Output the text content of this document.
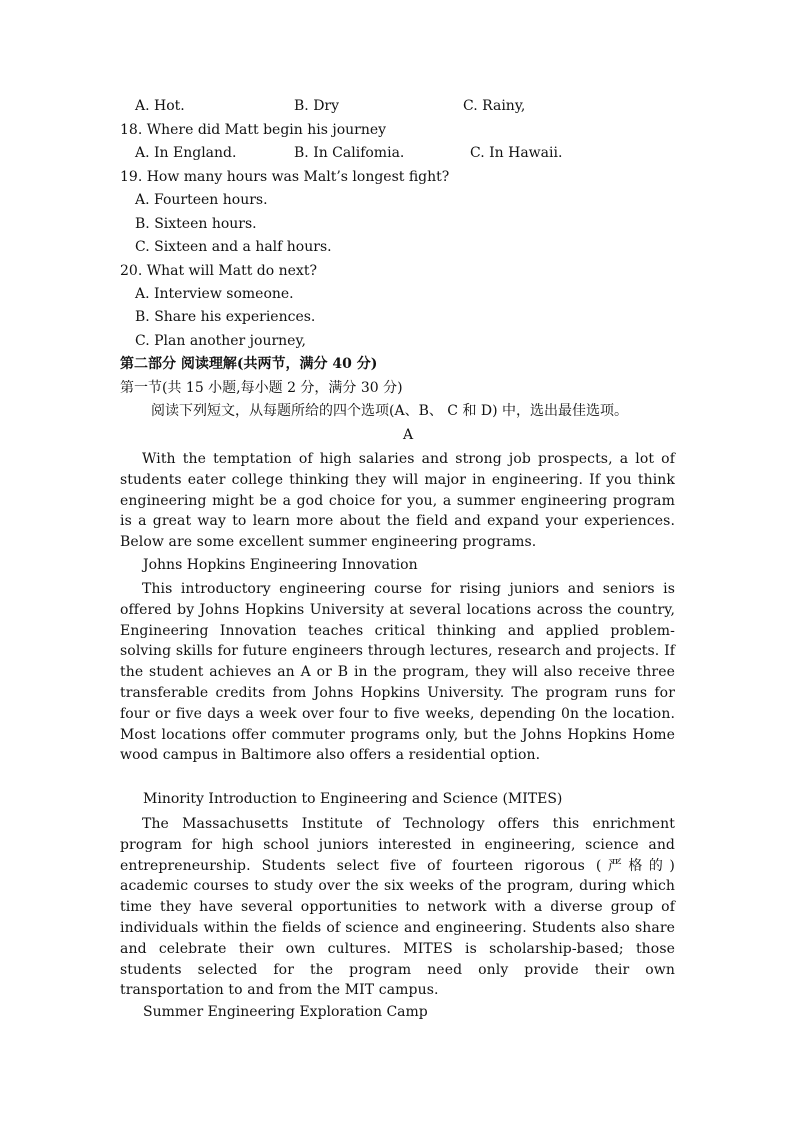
A. Hot.	B. Dry	C. Rainy,
18. Where did Matt begin his journey
A. In England.	B. In Califomia.	C. In Hawaii.
19. How many hours was Malt’s longest fight?
A. Fourteen hours.
B. Sixteen hours.
C. Sixteen and a half hours.
20. What will Matt do next?
A. Interview someone.
B. Share his experiences.
C. Plan another journey,
第二部分 阅读理解(共两节，满分 40 分)
第一节(共 15 小题,每小题 2 分，满分 30 分)
阅读下列短文，从每题所给的四个选项(A、B、 C 和 D) 中，选出最佳选项。
A
With the temptation of high salaries and strong job prospects, a lot of students eater college thinking they will major in engineering. If you think engineering might be a god choice for you, a summer engineering program is a great way to learn more about the field and expand your experiences. Below are some excellent summer engineering programs.
Johns Hopkins Engineering Innovation
This introductory engineering course for rising juniors and seniors is offered by Johns Hopkins University at several locations across the country, Engineering Innovation teaches critical thinking and applied problem-solving skills for future engineers through lectures, research and projects. If the student achieves an A or B in the program, they will also receive three transferable credits from Johns Hopkins University. The program runs for four or five days a week over four to five weeks, depending 0n the location. Most locations offer commuter programs only, but the Johns Hopkins Home wood campus in Baltimore also offers a residential option.
Minority Introduction to Engineering and Science (MITES)
The Massachusetts Institute of Technology offers this enrichment program for high school juniors interested in engineering, science and entrepreneurship. Students select five of fourteen rigorous (严格的) academic courses to study over the six weeks of the program, during which time they have several opportunities to network with a diverse group of individuals within the fields of science and engineering. Students also share and celebrate their own cultures. MITES is scholarship-based; those students selected for the program need only provide their own transportation to and from the MIT campus.
Summer Engineering Exploration Camp
